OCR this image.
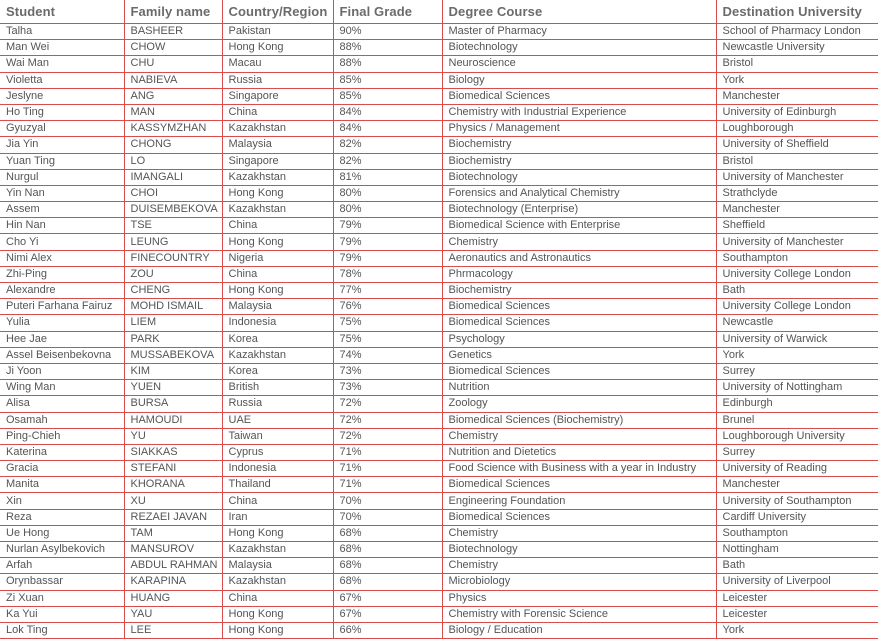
Student	Family name	Country/Region	Final Grade	Degree Course	Destination University
Talha	BASHEER	Pakistan	90%	Master of Pharmacy	School of Pharmacy London
Man Wei	CHOW	Hong Kong	88%	Biotechnology	Newcastle University
Wai Man	CHU	Macau	88%	Neuroscience	Bristol
Violetta	NABIEVA	Russia	85%	Biology	York
Jeslyne	ANG	Singapore	85%	Biomedical Sciences	Manchester
Ho Ting	MAN	China	84%	Chemistry with Industrial Experience	University of Edinburgh
Gyuzyal	KASSYMZHAN	Kazakhstan	84%	Physics / Management	Loughborough
Jia Yin	CHONG	Malaysia	82%	Biochemistry	University of Sheffield
Yuan Ting	LO	Singapore	82%	Biochemistry	Bristol
Nurgul	IMANGALI	Kazakhstan	81%	Biotechnology	University of Manchester
Yin Nan	CHOI	Hong Kong	80%	Forensics and Analytical Chemistry	Strathclyde
Assem	DUISEMBEKOVA	Kazakhstan	80%	Biotechnology (Enterprise)	Manchester
Hin Nan	TSE	China	79%	Biomedical Science with Enterprise	Sheffield
Cho Yi	LEUNG	Hong Kong	79%	Chemistry	University of Manchester
Nimi Alex	FINECOUNTRY	Nigeria	79%	Aeronautics and Astronautics	Southampton
Zhi-Ping	ZOU	China	78%	Phrmacology	University College London
Alexandre	CHENG	Hong Kong	77%	Biochemistry	Bath
Puteri Farhana Fairuz	MOHD ISMAIL	Malaysia	76%	Biomedical Sciences	University College London
Yulia	LIEM	Indonesia	75%	Biomedical Sciences	Newcastle
Hee Jae	PARK	Korea	75%	Psychology	University of Warwick
Assel Beisenbekovna	MUSSABEKOVA	Kazakhstan	74%	Genetics	York
Ji Yoon	KIM	Korea	73%	Biomedical Sciences	Surrey
Wing Man	YUEN	British	73%	Nutrition	University of Nottingham
Alisa	BURSA	Russia	72%	Zoology	Edinburgh
Osamah	HAMOUDI	UAE	72%	Biomedical Sciences (Biochemistry)	Brunel
Ping-Chieh	YU	Taiwan	72%	Chemistry	Loughborough University
Katerina	SIAKKAS	Cyprus	71%	Nutrition and Dietetics	Surrey
Gracia	STEFANI	Indonesia	71%	Food Science with Business with a year in Industry	University of Reading
Manita	KHORANA	Thailand	71%	Biomedical Sciences	Manchester
Xin	XU	China	70%	Engineering Foundation	University of Southampton
Reza	REZAEI JAVAN	Iran	70%	Biomedical Sciences	Cardiff University
Ue Hong	TAM	Hong Kong	68%	Chemistry	Southampton
Nurlan Asylbekovich	MANSUROV	Kazakhstan	68%	Biotechnology	Nottingham
Arfah	ABDUL RAHMAN	Malaysia	68%	Chemistry	Bath
Orynbassar	KARAPINA	Kazakhstan	68%	Microbiology	University of Liverpool
Zi Xuan	HUANG	China	67%	Physics	Leicester
Ka Yui	YAU	Hong Kong	67%	Chemistry with Forensic Science	Leicester
Lok Ting	LEE	Hong Kong	66%	Biology / Education	York
